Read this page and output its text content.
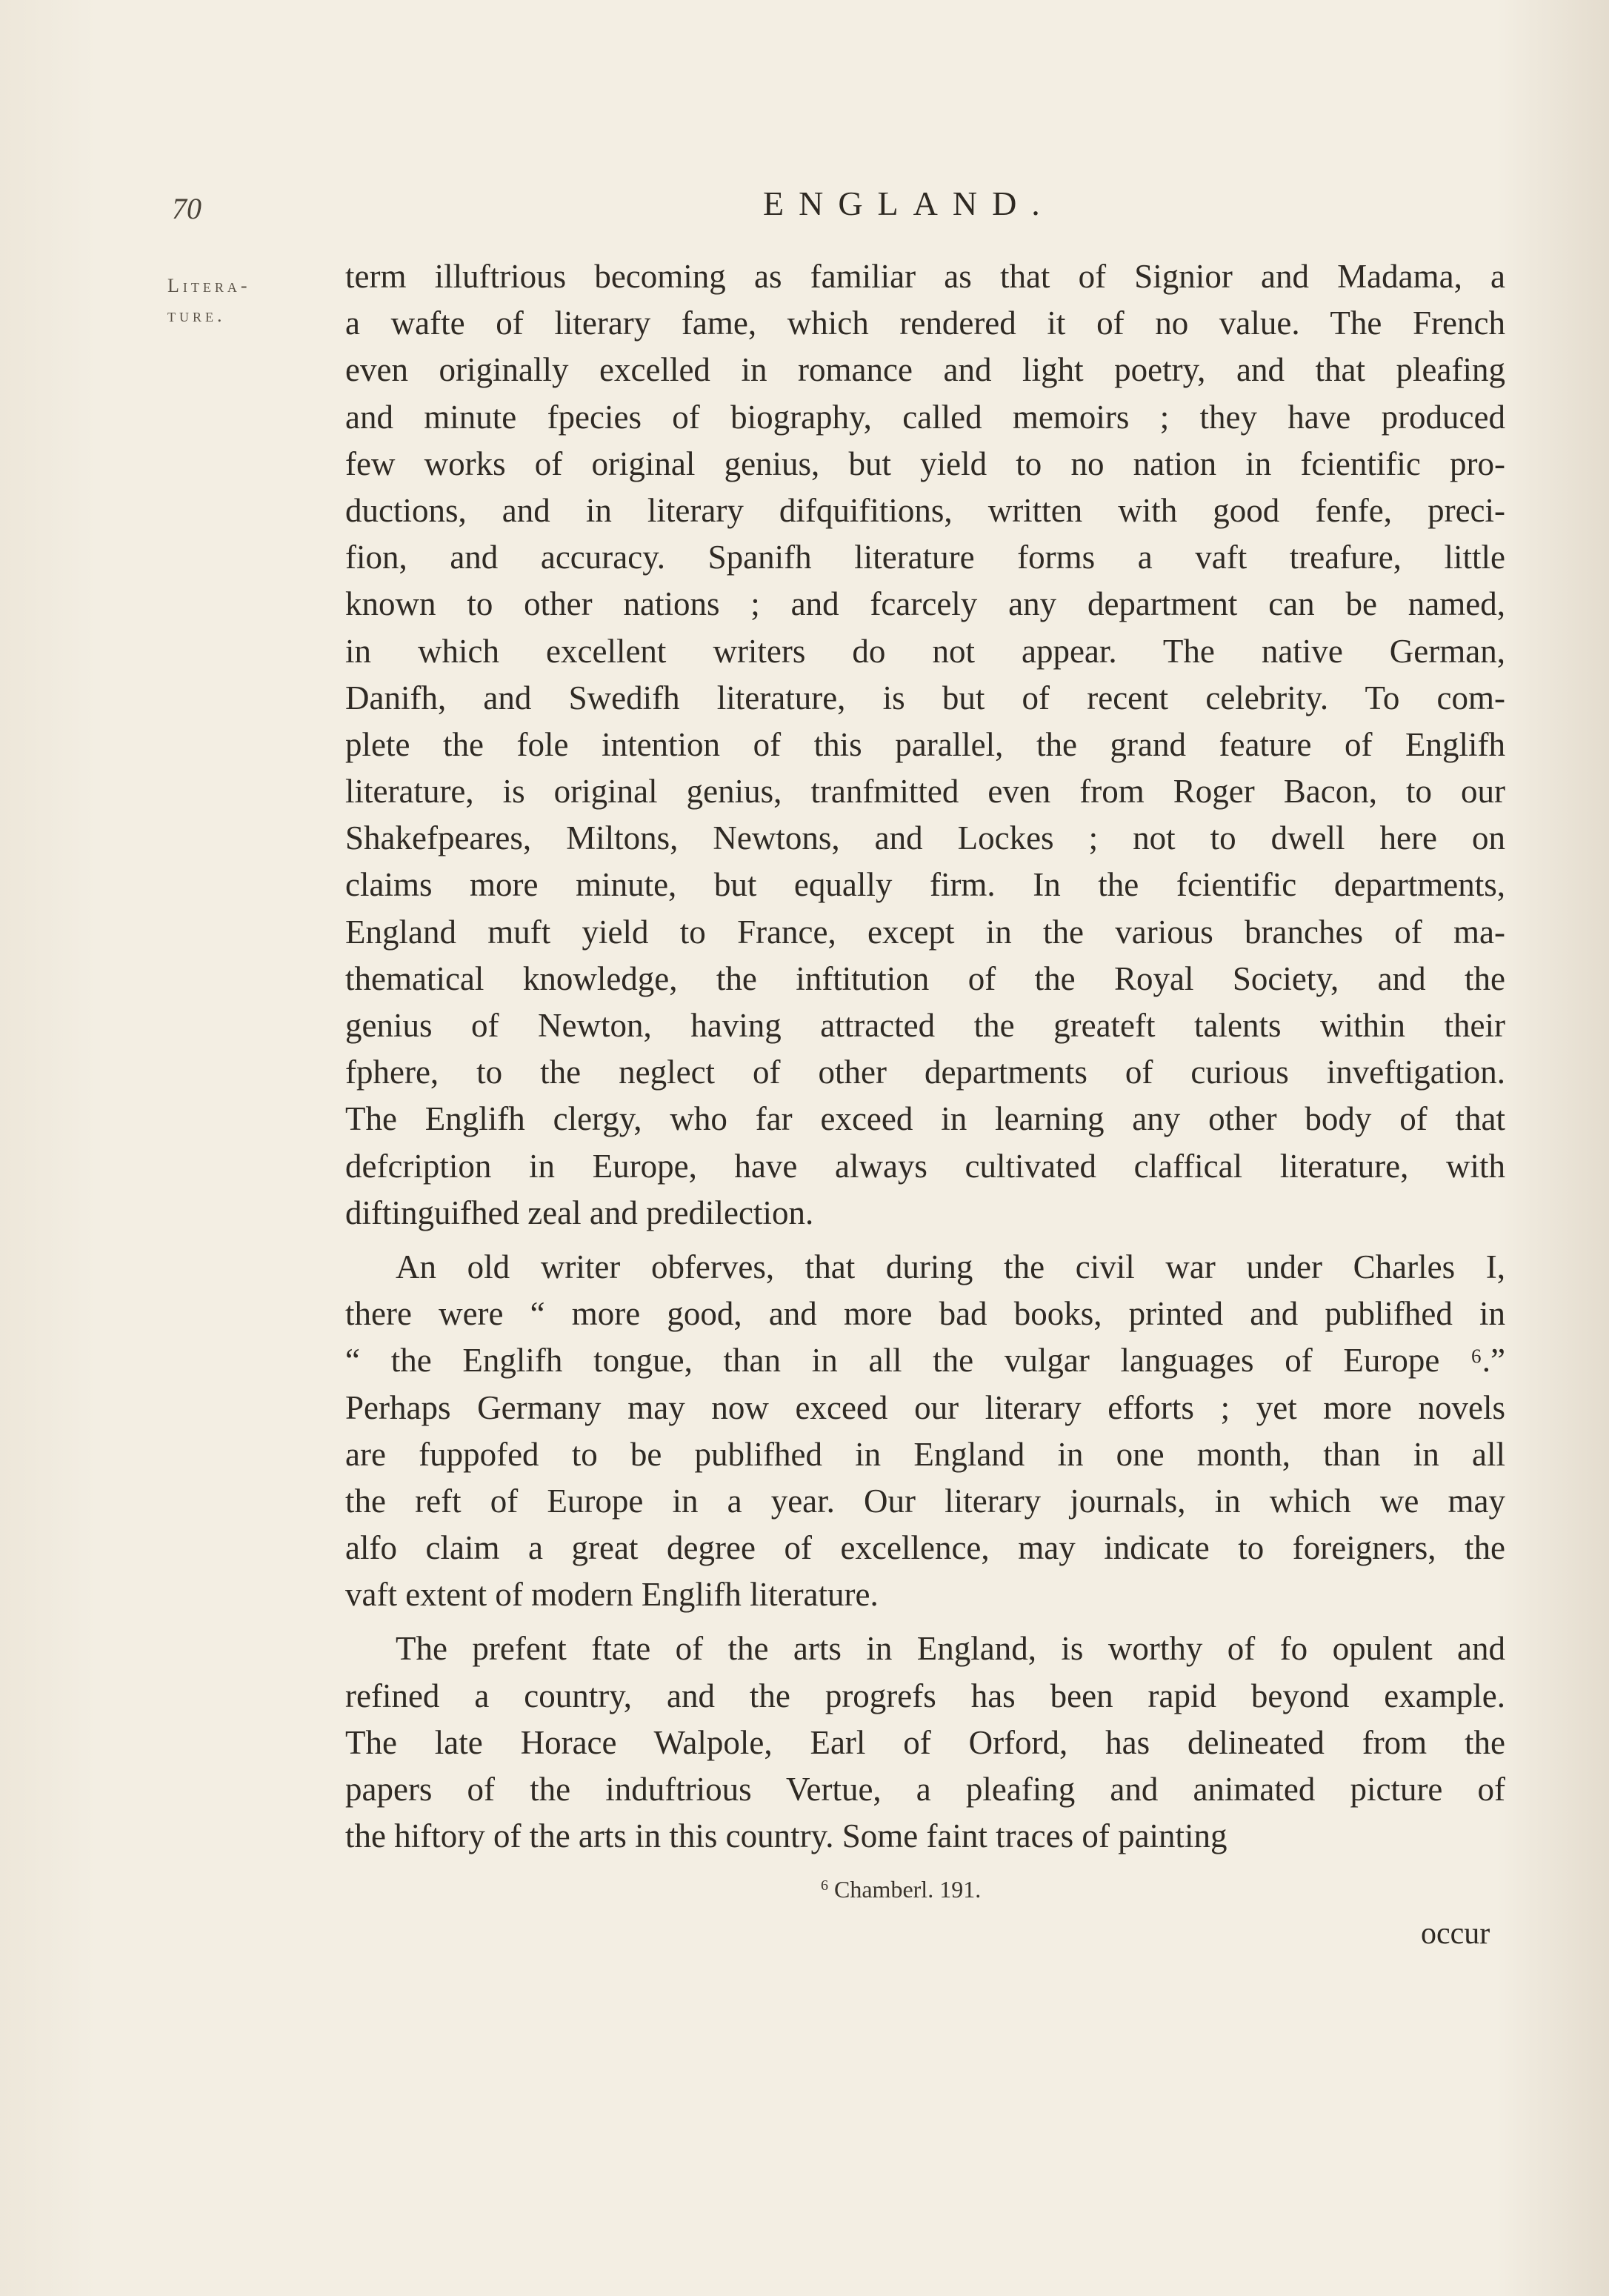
70	ENGLAND.
Litera-
ture.
term illuftrious becoming as familiar as that of Signior and Madama, a
a wafte of literary fame, which rendered it of no value. The French
even originally excelled in romance and light poetry, and that pleafing
and minute fpecies of biography, called memoirs ; they have produced
few works of original genius, but yield to no nation in fcientific pro-
ductions, and in literary difquifitions, written with good fenfe, preci-
fion, and accuracy. Spanifh literature forms a vaft treafure, little
known to other nations ; and fcarcely any department can be named,
in which excellent writers do not appear. The native German,
Danifh, and Swedifh literature, is but of recent celebrity. To com-
plete the fole intention of this parallel, the grand feature of Englifh
literature, is original genius, tranfmitted even from Roger Bacon, to our
Shakefpeares, Miltons, Newtons, and Lockes ; not to dwell here on
claims more minute, but equally firm. In the fcientific departments,
England muft yield to France, except in the various branches of ma-
thematical knowledge, the inftitution of the Royal Society, and the
genius of Newton, having attracted the greateft talents within their
fphere, to the neglect of other departments of curious inveftigation.
The Englifh clergy, who far exceed in learning any other body of that
defcription in Europe, have always cultivated claffical literature, with
diftinguifhed zeal and predilection.
An old writer obferves, that during the civil war under Charles I,
there were “ more good, and more bad books, printed and publifhed in
“ the Englifh tongue, than in all the vulgar languages of Europe ⁶.”
Perhaps Germany may now exceed our literary efforts ; yet more novels
are fuppofed to be publifhed in England in one month, than in all
the reft of Europe in a year. Our literary journals, in which we may
alfo claim a great degree of excellence, may indicate to foreigners, the
vaft extent of modern Englifh literature.
The prefent ftate of the arts in England, is worthy of fo opulent and
refined a country, and the progrefs has been rapid beyond example.
The late Horace Walpole, Earl of Orford, has delineated from the
papers of the induftrious Vertue, a pleafing and animated picture of
the hiftory of the arts in this country. Some faint traces of painting
$^6$ Chamberl. 191.
occur
